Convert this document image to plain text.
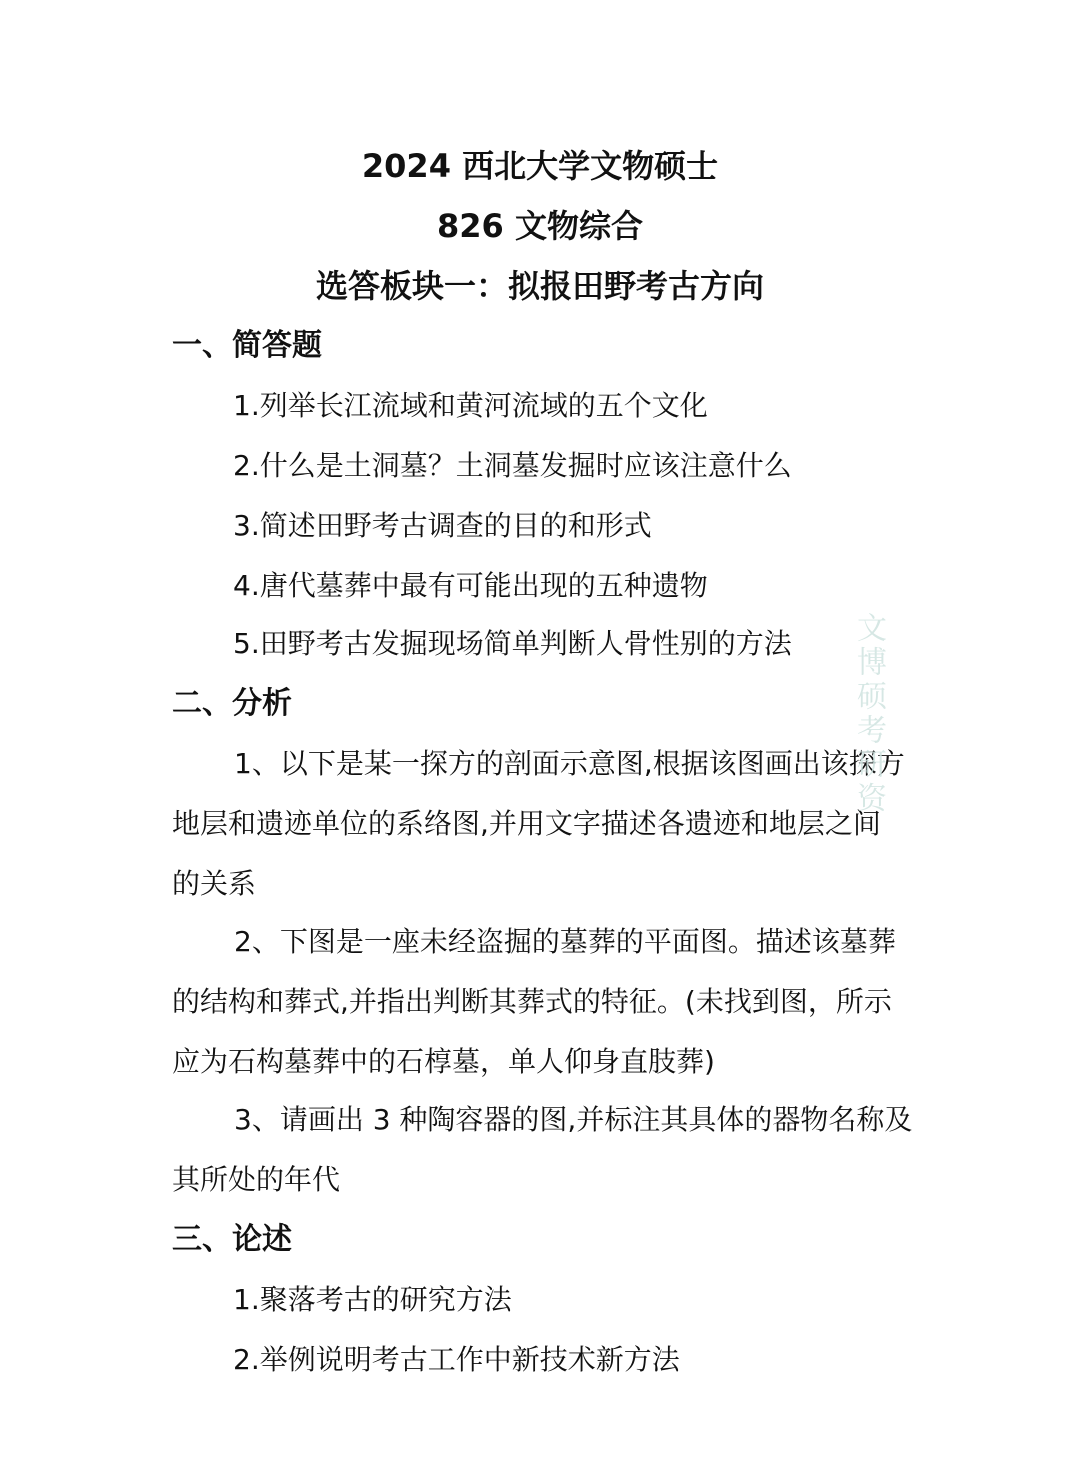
2024 西北大学文物硕士
826 文物综合
选答板块一：拟报田野考古方向
一、简答题
1.列举长江流域和黄河流域的五个文化
2.什么是土洞墓？土洞墓发掘时应该注意什么
3.简述田野考古调查的目的和形式
4.唐代墓葬中最有可能出现的五种遗物
5.田野考古发掘现场简单判断人骨性别的方法
二、分析
1、以下是某一探方的剖面示意图,根据该图画出该探方
地层和遗迹单位的系络图,并用文字描述各遗迹和地层之间
的关系
2、下图是一座未经盗掘的墓葬的平面图。描述该墓葬
的结构和葬式,并指出判断其葬式的特征。(未找到图，所示
应为石构墓葬中的石椁墓，单人仰身直肢葬)
3、请画出 3 种陶容器的图,并标注其具体的器物名称及
其所处的年代
三、论述
1.聚落考古的研究方法
2.举例说明考古工作中新技术新方法
文博硕考研资
